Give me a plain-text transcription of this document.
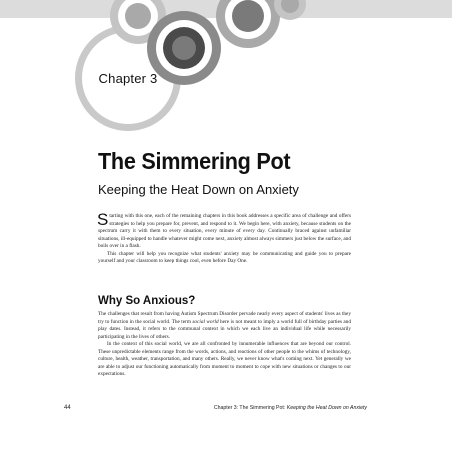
Chapter 3
The Simmering Pot
Keeping the Heat Down on Anxiety

Starting with this one, each of the remaining chapters in this book addresses a specific area of challenge and offers strategies to help you prepare for, prevent, and respond to it. We begin here, with anxiety, because students on the spectrum carry it with them to every situation, every minute of every day. Continually braced against unfamiliar situations, ill-equipped to handle whatever might come next, anxiety almost always simmers just below the surface, and boils over in a flash.

This chapter will help you recognize what students' anxiety may be communicating and guide you to prepare yourself and your classroom to keep things cool, even before Day One.

Why So Anxious?

The challenges that result from having Autism Spectrum Disorder pervade nearly every aspect of students' lives as they try to function in the social world. The term social world here is not meant to imply a world full of birthday parties and play dates. Instead, it refers to the communal context in which we each live an individual life while necessarily participating in the lives of others.

In the context of this social world, we are all confronted by innumerable influences that are beyond our control. These unpredictable elements range from the words, actions, and reactions of other people to the whims of technology, culture, health, weather, transportation, and many others. Really, we never know what's coming next. Yet generally we are able to adjust our functioning automatically from moment to moment to cope with new situations or changes to our expectations.

44	Chapter 3: The Simmering Pot: Keeping the Heat Down on Anxiety
